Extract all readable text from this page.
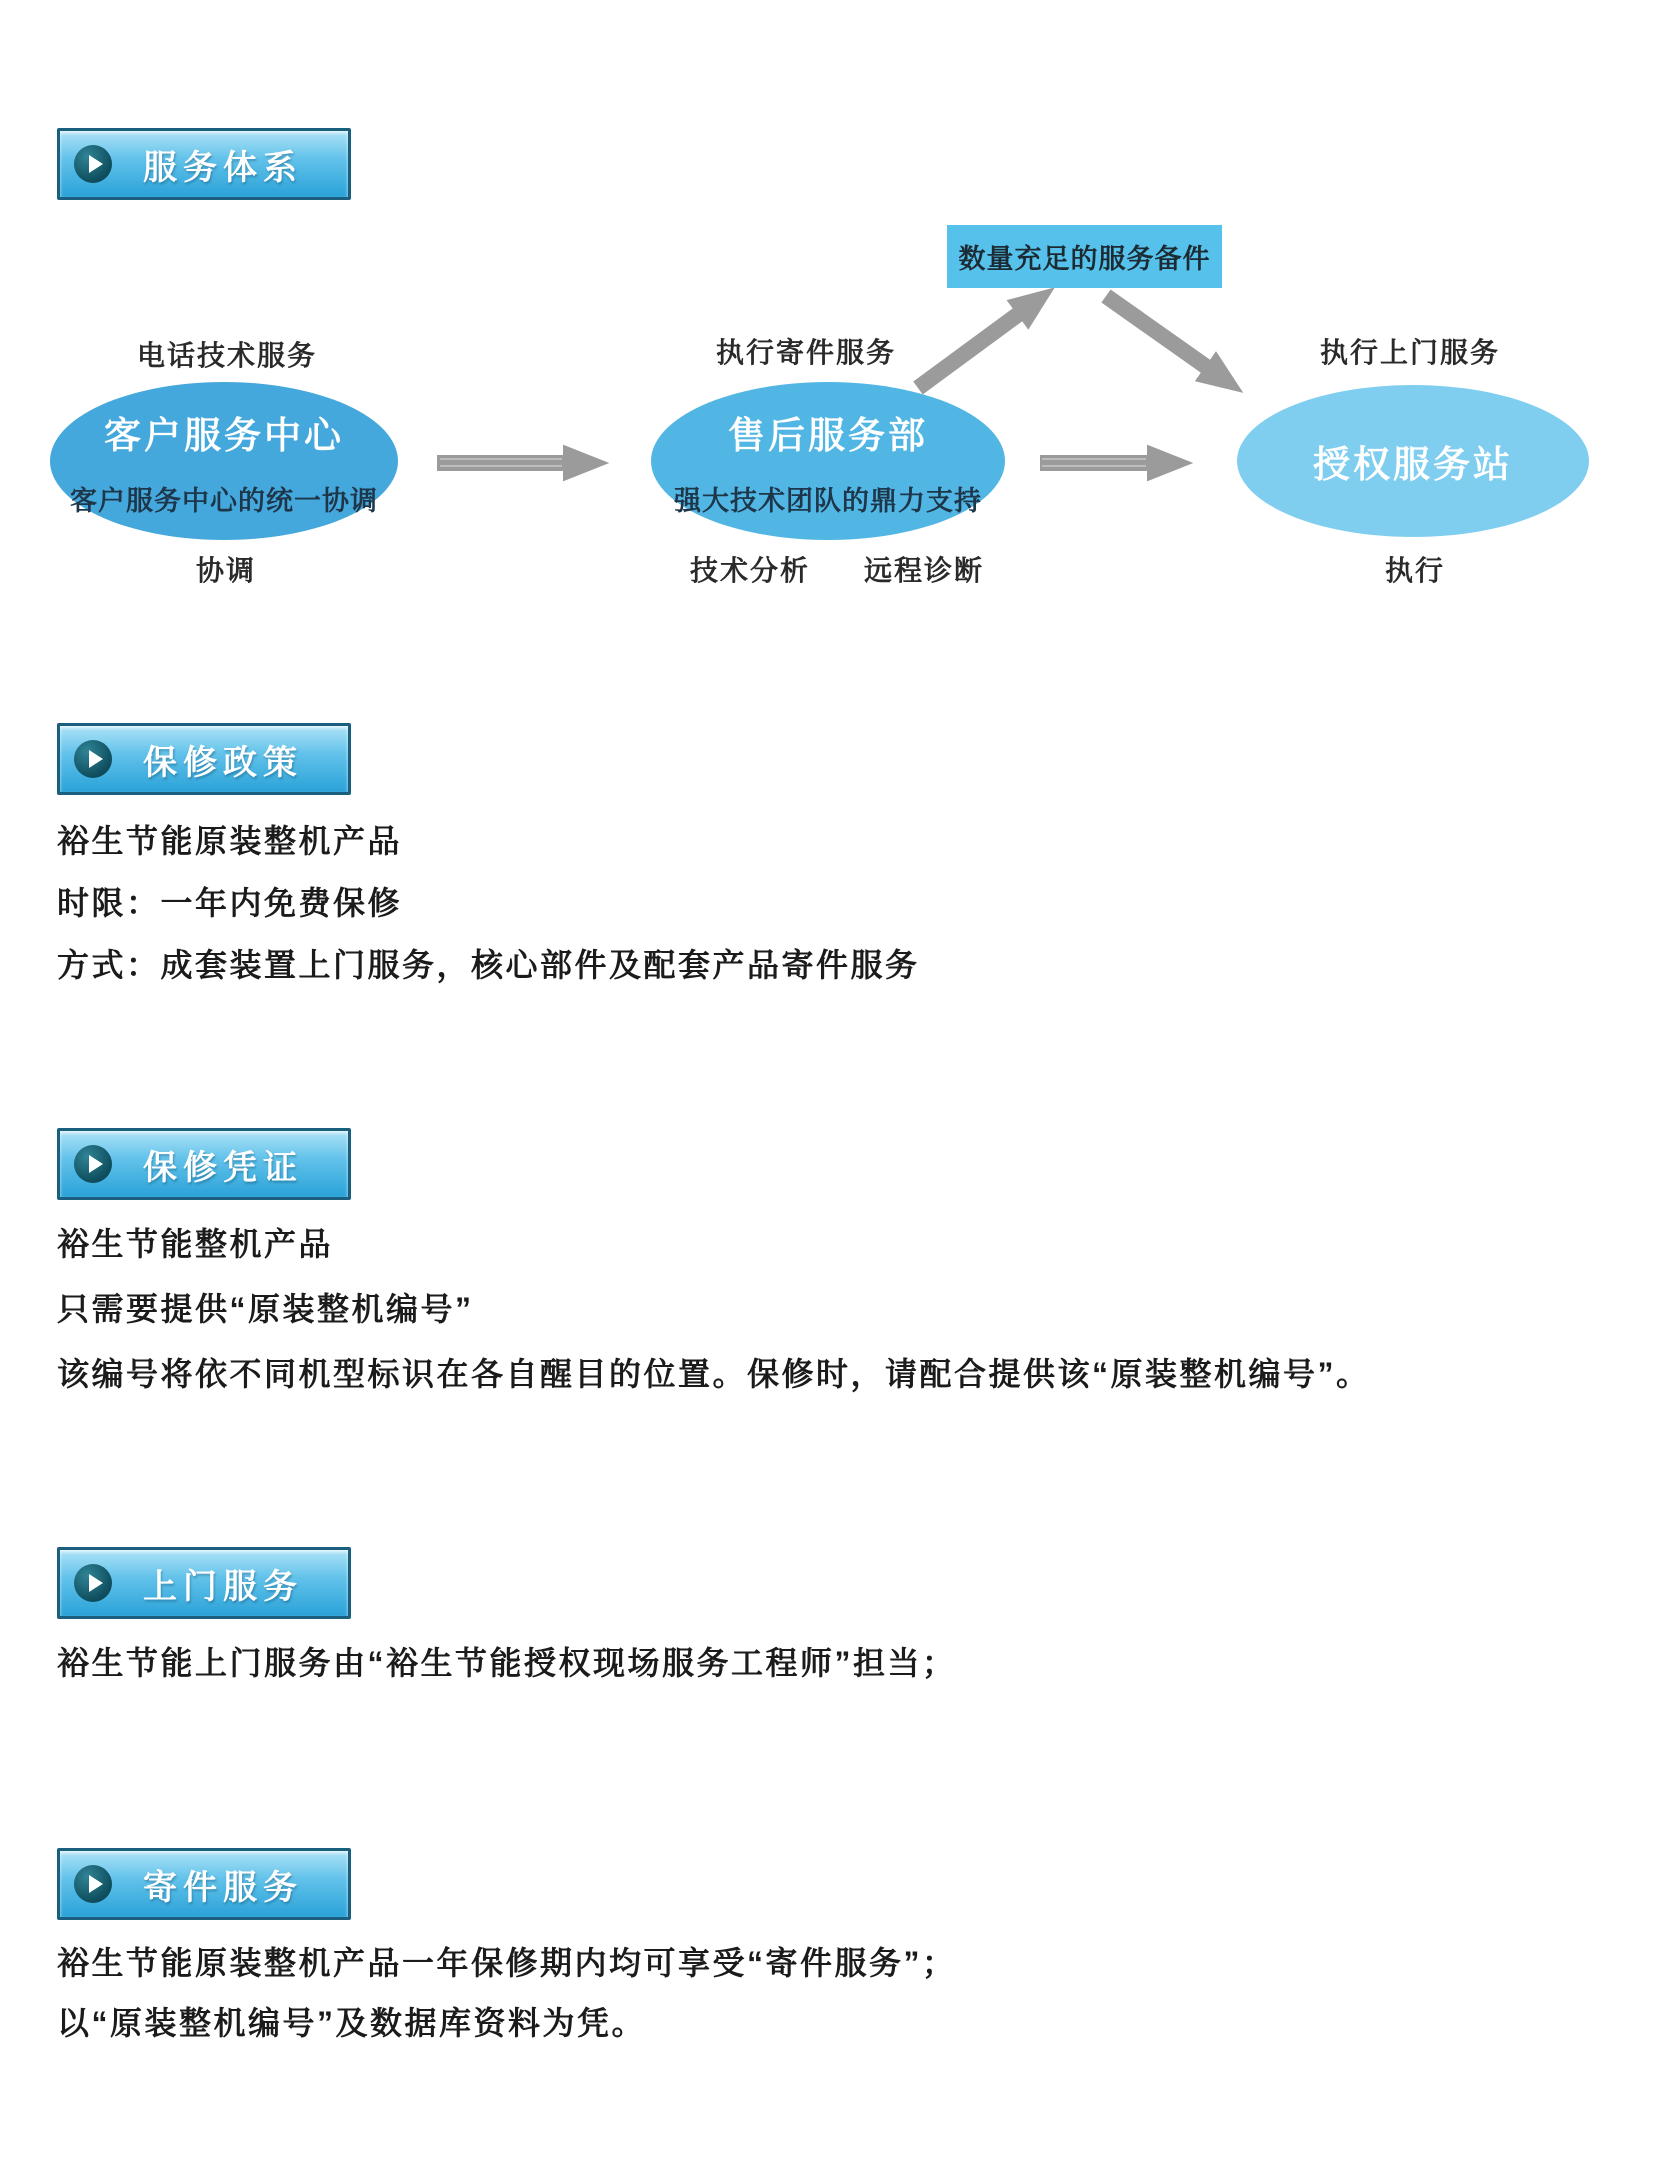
服务体系
数量充足的服务备件
电话技术服务	执行寄件服务	执行上门服务
客户服务中心
客户服务中心的统一协调
售后服务部
强大技术团队的鼎力支持
授权服务站
协调	技术分析	远程诊断	执行
保修政策
裕生节能原装整机产品
时限：一年内免费保修
方式：成套装置上门服务，核心部件及配套产品寄件服务
保修凭证
裕生节能整机产品
只需要提供“原装整机编号”
该编号将依不同机型标识在各自醒目的位置。保修时，请配合提供该“原装整机编号”。
上门服务
裕生节能上门服务由“裕生节能授权现场服务工程师”担当；
寄件服务
裕生节能原装整机产品一年保修期内均可享受“寄件服务”；
以“原装整机编号”及数据库资料为凭。
